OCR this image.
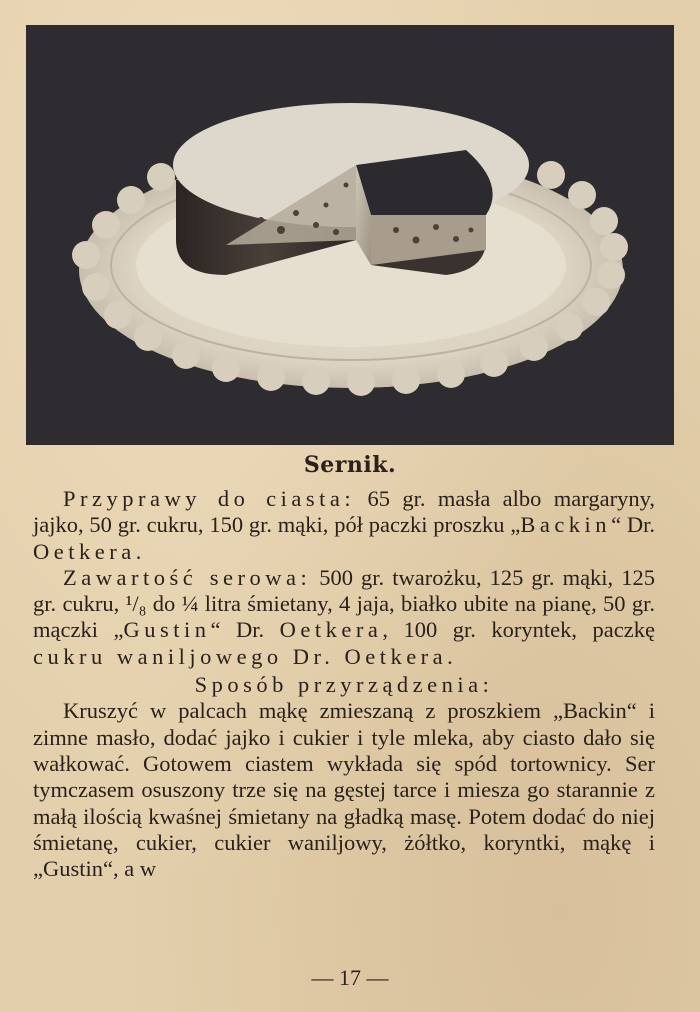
Sernik.

Przyprawy do ciasta: 65 gr. masła albo margaryny, jajko, 50 gr. cukru, 150 gr. mąki, pół paczki proszku „Backin“ Dr. Oetkera.

Zawartość serowa: 500 gr. twarożku, 125 gr. mąki, 125 gr. cukru, ¹/₈ do ¼ litra śmietany, 4 jaja, białko ubite na pianę, 50 gr. mączki „Gustin“ Dr. Oetkera, 100 gr. koryntek, paczkę cukru waniljowego Dr. Oetkera.

Sposób przyrządzenia:

Kruszyć w palcach mąkę zmieszaną z proszkiem „Backin“ i zimne masło, dodać jajko i cukier i tyle mleka, aby ciasto dało się wałkować. Gotowem ciastem wykłada się spód tortownicy. Ser tymczasem osuszony trze się na gęstej tarce i miesza go starannie z małą ilością kwaśnej śmietany na gładką masę. Potem dodać do niej śmietanę, cukier, cukier waniljowy, żółtko, koryntki, mąkę i „Gustin“, a w

— 17 —
